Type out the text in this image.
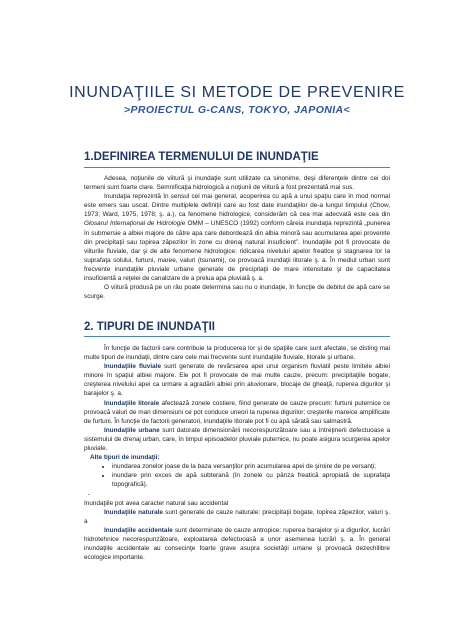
INUNDAŢIILE SI METODE DE PREVENIRE
>PROIECTUL G-CANS, TOKYO, JAPONIA<
1.DEFINIREA TERMENULUI DE INUNDAŢIE

Adesea, noţiunile de viitură şi inundaţie sunt utilizate ca sinonime, deşi diferenţele dintre cei doi termeni sunt foarte clare. Semnificaţia hidrologică a noţiunii de viitură a fost prezentată mai sus.

Inundaţia reprezintă în sensul cel mai general, acoperirea cu apă a unui spaţiu care în mod normal este emers sau uscat. Dintre multiplele definiţii care au fost date inundaţiilor de-a lungul timpului (Chow, 1973; Ward, 1975, 1978; ş. a.), ca fenomene hidrologice, considerăm că cea mai adecvată este cea din Glosarul Internaţional de Hidrologie OMM – UNESCO (1992) conform căreia inundaţia reprezintă „punerea în submersie a albiei majore de către apa care debordează din albia minoră sau acumularea apei provenite din precipitaţii sau topirea zăpezilor în zone cu drenaj natural insuficient”. Inundaţiile pot fi provocate de viiturile fluviale, dar şi de alte fenomene hidrologice: ridicarea nivelului apelor freatice şi stagnarea lor la suprafaţa solului, furtuni, maree, valuri (tsunami), ce provoacă inundaţii litorale ş. a. În mediul urban sunt frecvente inundaţiile pluviale urbane generate de precipitaţii de mare intensitate şi de capacitatea insuficientă a reţelei de canalizare de a prelua apa pluvială ş. a.

O viitură produsă pe un râu poate determina sau nu o inundaţie, în funcţie de debitul de apă care se scurge.

2. TIPURI DE INUNDAŢII

În funcţie de factorii care contribuie la producerea lor şi de spaţiile care sunt afectate, se disting mai multe tipuri de inundaţii, dintre care cele mai frecvente sunt inundaţiile fluviale, litorale şi urbane.

Inundaţiile fluviale sunt generate de revărsarea apei unui organism fluviatil peste limitele albiei minore în spaţiul albiei majore. Ele pot fi provocate de mai multe cauze, precum: precipitaţiile bogate, creşterea nivelului apei ca urmare a agradării albiei prin aluvionare, blocaje de gheaţă, ruperea digurilor şi barajelor ş. a.

Inundaţiile litorale afectează zonele costiere, fiind generate de cauze precum: furtuni puternice ce provoacă valuri de mari dimensiuni ce pot conduce uneori la ruperea digurilor; creşterile mareice amplificate de furtuni. În funcţie de factorii generatori, inundaţiile litorale pot fi cu apă sărată sau salmastră.

Inundaţiile urbane sunt datorate dimensionării necorespunzătoare sau a întreţinerii defectuoase a sistemului de drenaj urban, care, în timpul episoadelor pluviale puternice, nu poate asigura scurgerea apelor pluviale.

Alte tipuri de inundaţii:

• inundarea zonelor joase de la baza versanţilor prin acumularea apei de şiroire de pe versanţi;
• inundare prin exces de apă subterană (în zonele cu pânza freatică apropiată de suprafaţa topografică).

-

Inundaţiile pot avea caracter natural sau accidental

Inundaţiile naturale sunt generate de cauze naturale: precipitaţii bogate, topirea zăpezilor, valuri ş. a

Inundaţiile accidentale sunt determinate de cauze antropice: ruperea barajelor şi a digurilor, lucrări hidrotehnice necorespunzătoare, exploatarea defectuoasă a unor asemenea lucrări ş. a. În general inundaţiile accidentale au consecinţe foarte grave asupra societăţii umane şi provoacă dezechilibre ecologice importante.
